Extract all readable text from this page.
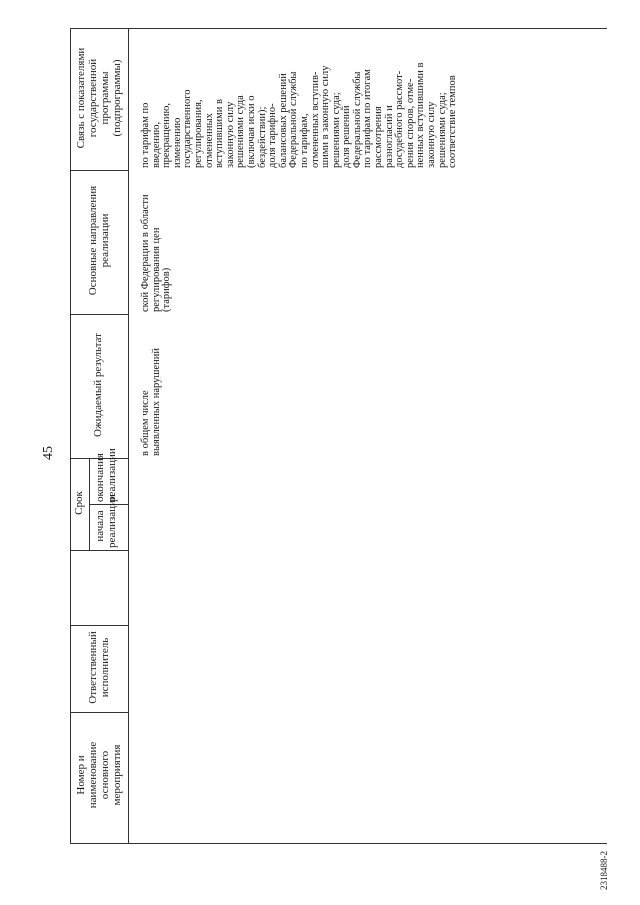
45
Номер и наименование основного мероприятия
Ответственный исполнитель
Срок
начала реализации
окончания реализации
Ожидаемый результат
Основные направления реализации
Связь с показателями государственной программы (подпрограммы)
в общем числе выявленных нарушений
ской Федерации в области регулирования цен (тарифов)
по тарифам по введению, прекращению, изменению государственного регулирования, отмененных вступившими в законную силу решениями суда (включая иски о бездействии); доля тарифно- балансовых решений Федеральной службы по тарифам, отмененных вступив- шими в законную силу решениями суда; доля решений Федеральной службы по тарифам по итогам рассмотрения разногласий и досудебного рассмот- рения споров, отме- ненных вступившими в законную силу решениями суда; соответствие темпов
2318488-2
